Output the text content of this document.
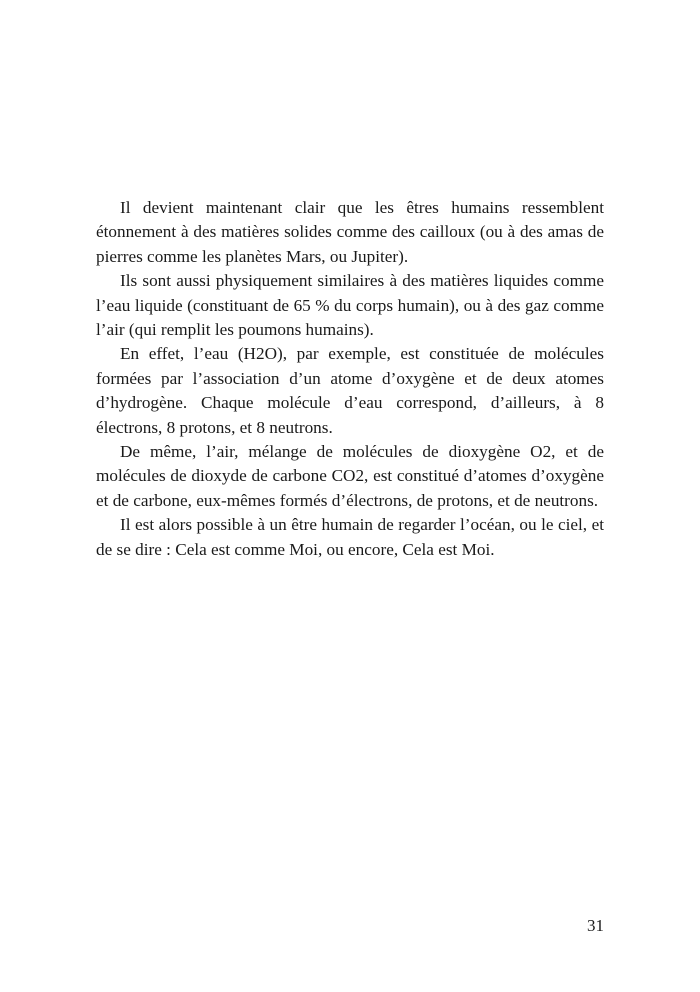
Il devient maintenant clair que les êtres humains ressemblent étonnement à des matières solides comme des cailloux (ou à des amas de pierres comme les planètes Mars, ou Jupiter).

Ils sont aussi physiquement similaires à des matières liquides comme l’eau liquide (constituant de 65 % du corps humain), ou à des gaz comme l’air (qui remplit les poumons humains).

En effet, l’eau (H2O), par exemple, est constituée de molécules formées par l’association d’un atome d’oxygène et de deux atomes d’hydrogène. Chaque molécule d’eau correspond, d’ailleurs, à 8 électrons, 8 protons, et 8 neutrons.

De même, l’air, mélange de molécules de dioxygène O2, et de molécules de dioxyde de carbone CO2, est constitué d’atomes d’oxygène et de carbone, eux-mêmes formés d’électrons, de protons, et de neutrons.

Il est alors possible à un être humain de regarder l’océan, ou le ciel, et de se dire : Cela est comme Moi, ou encore, Cela est Moi.

31
